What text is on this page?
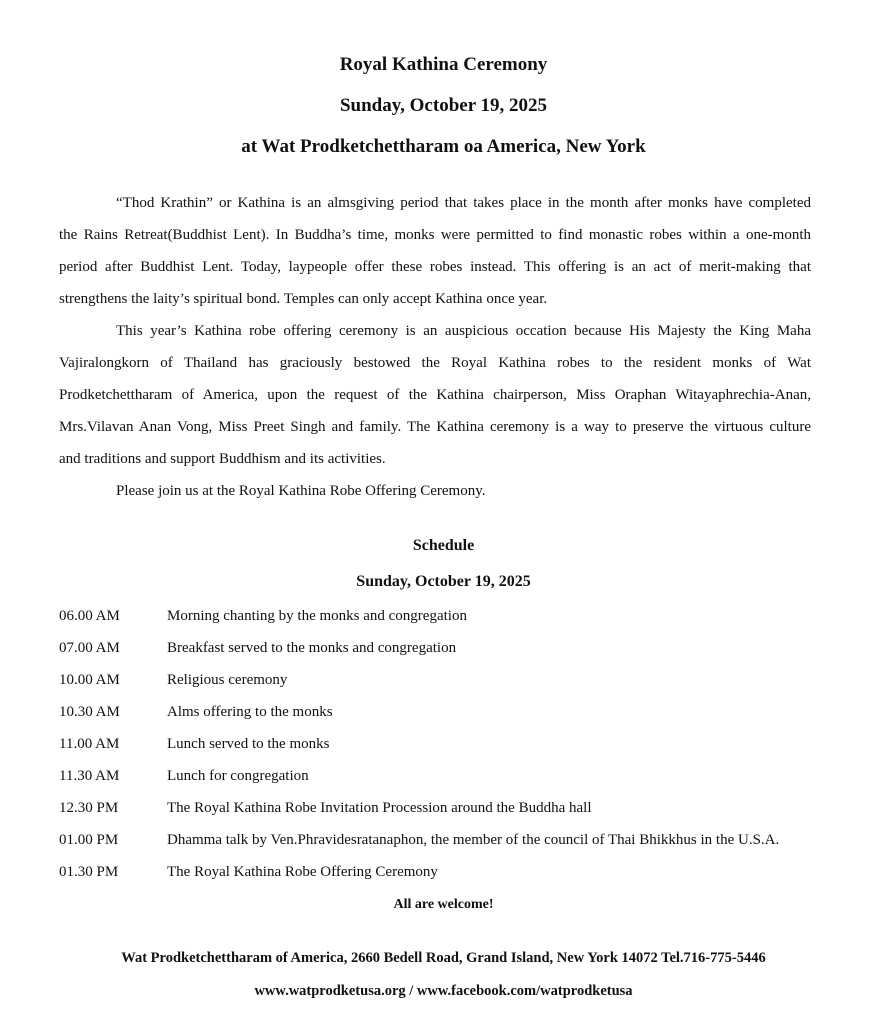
Royal Kathina Ceremony
Sunday, October 19, 2025
at Wat Prodketchettharam oa America, New York
“Thod Krathin” or Kathina is an almsgiving period that takes place in the month after monks have completed
the Rains Retreat(Buddhist Lent). In Buddha’s time, monks were permitted to find monastic robes within a one-month
period after Buddhist Lent. Today, laypeople offer these robes instead. This offering is an act of merit-making that
strengthens the laity’s spiritual bond. Temples can only accept Kathina once year.
This year’s Kathina robe offering ceremony is an auspicious occation because His Majesty the King Maha
Vajiralongkorn of Thailand has graciously bestowed the Royal Kathina robes to the resident monks of Wat
Prodketchettharam of America, upon the request of the Kathina chairperson, Miss Oraphan Witayaphrechia-Anan,
Mrs.Vilavan Anan Vong, Miss Preet Singh and family. The Kathina ceremony is a way to preserve the virtuous culture
and traditions and support Buddhism and its activities.
Please join us at the Royal Kathina Robe Offering Ceremony.
Schedule
Sunday, October 19, 2025
06.00 AM	Morning chanting by the monks and congregation
07.00 AM	Breakfast served to the monks and congregation
10.00 AM	Religious ceremony
10.30 AM	Alms offering to the monks
11.00 AM	Lunch served to the monks
11.30 AM	Lunch for congregation
12.30 PM	The Royal Kathina Robe Invitation Procession around the Buddha hall
01.00 PM	Dhamma talk by Ven.Phravidesratanaphon, the member of the council of Thai Bhikkhus in the U.S.A.
01.30 PM	The Royal Kathina Robe Offering Ceremony
All are welcome!
Wat Prodketchettharam of America, 2660 Bedell Road, Grand Island, New York 14072 Tel.716-775-5446
www.watprodketusa.org / www.facebook.com/watprodketusa
